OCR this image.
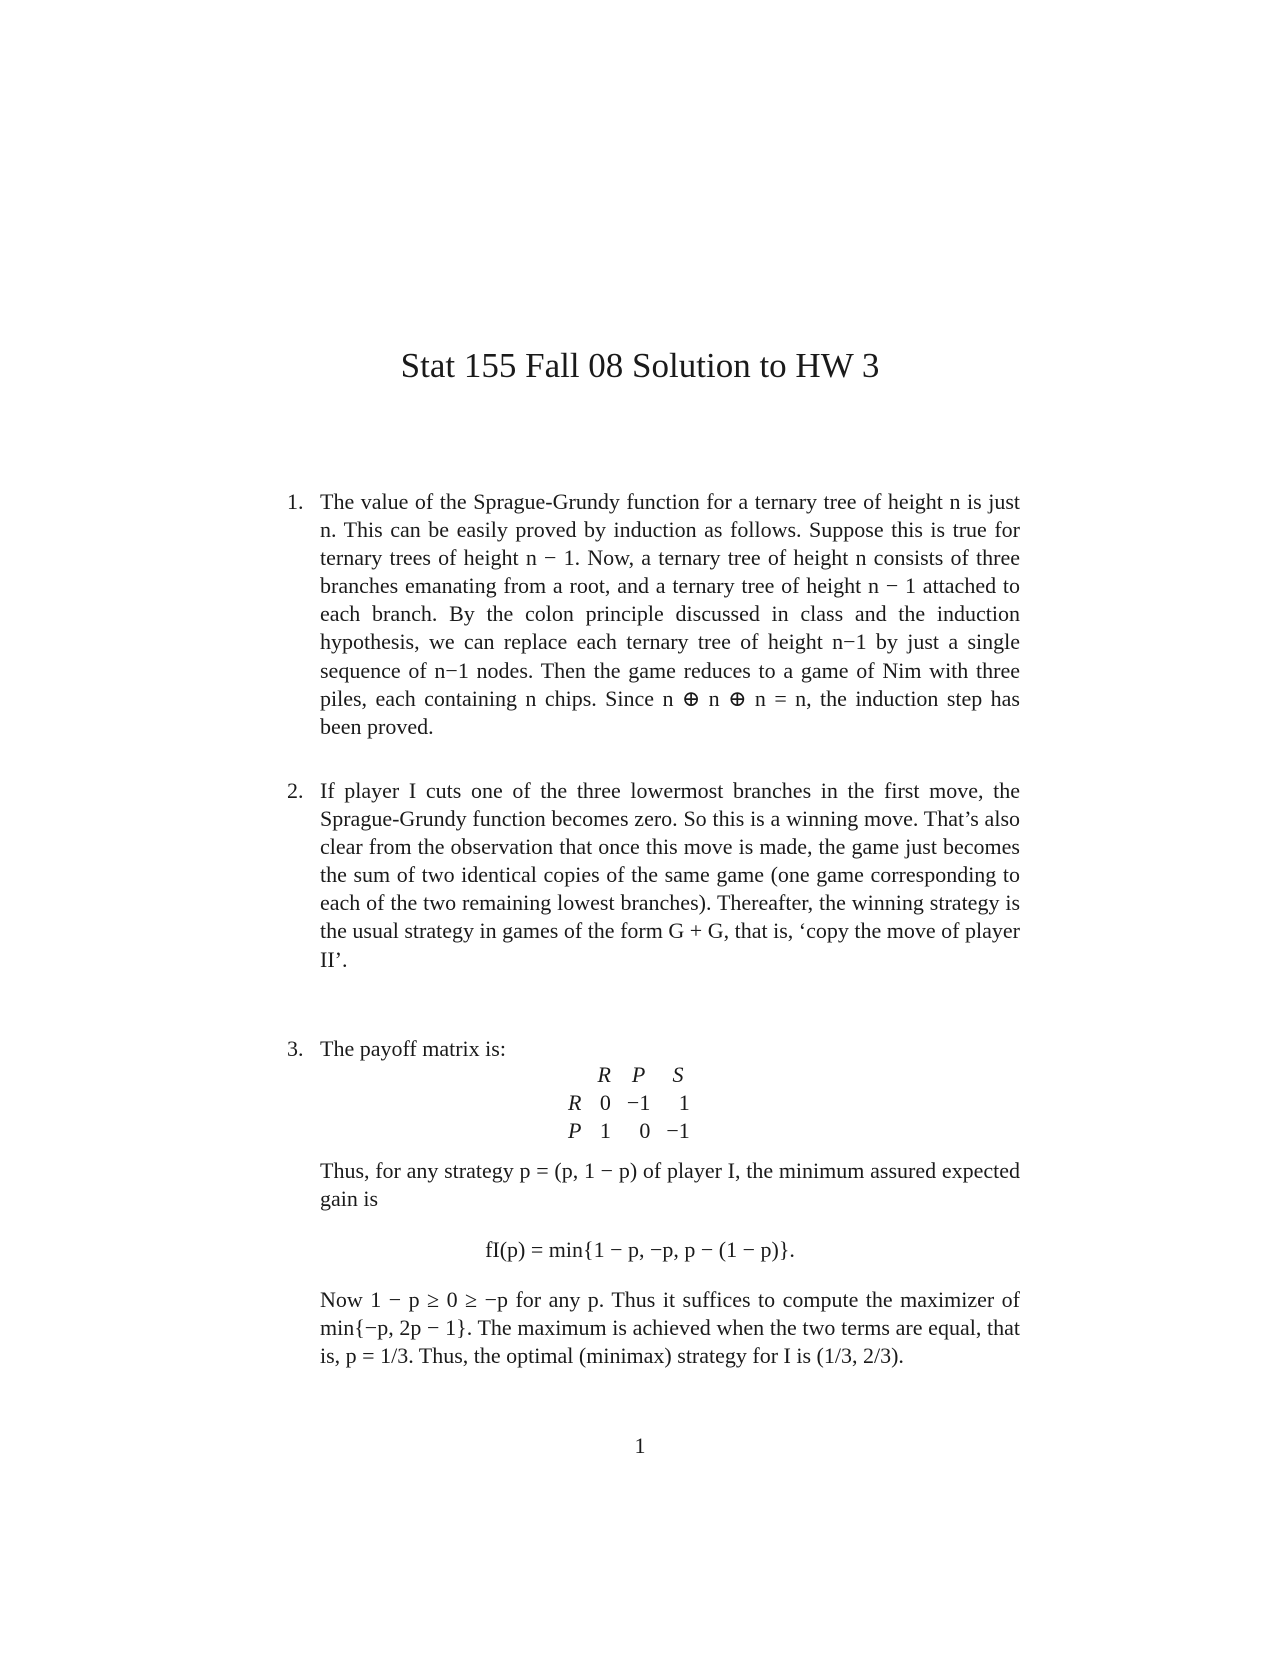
Stat 155 Fall 08 Solution to HW 3
1. The value of the Sprague-Grundy function for a ternary tree of height n is just n. This can be easily proved by induction as follows. Suppose this is true for ternary trees of height n − 1. Now, a ternary tree of height n consists of three branches emanating from a root, and a ternary tree of height n − 1 attached to each branch. By the colon principle discussed in class and the induction hypothesis, we can replace each ternary tree of height n−1 by just a single sequence of n−1 nodes. Then the game reduces to a game of Nim with three piles, each containing n chips. Since n ⊕ n ⊕ n = n, the induction step has been proved.

2. If player I cuts one of the three lowermost branches in the first move, the Sprague-Grundy function becomes zero. So this is a winning move. That’s also clear from the observation that once this move is made, the game just becomes the sum of two identical copies of the same game (one game corresponding to each of the two remaining lowest branches). Thereafter, the winning strategy is the usual strategy in games of the form G + G, that is, ‘copy the move of player II’.

3. The payoff matrix is:

	R	P	S
R	0	−1	1
P	1	0	−1

Thus, for any strategy p = (p, 1 − p) of player I, the minimum assured expected gain is

fI(p) = min{1 − p, −p, p − (1 − p)}.

Now 1 − p ≥ 0 ≥ −p for any p. Thus it suffices to compute the maximizer of min{−p, 2p − 1}. The maximum is achieved when the two terms are equal, that is, p = 1/3. Thus, the optimal (minimax) strategy for I is (1/3, 2/3).

1
